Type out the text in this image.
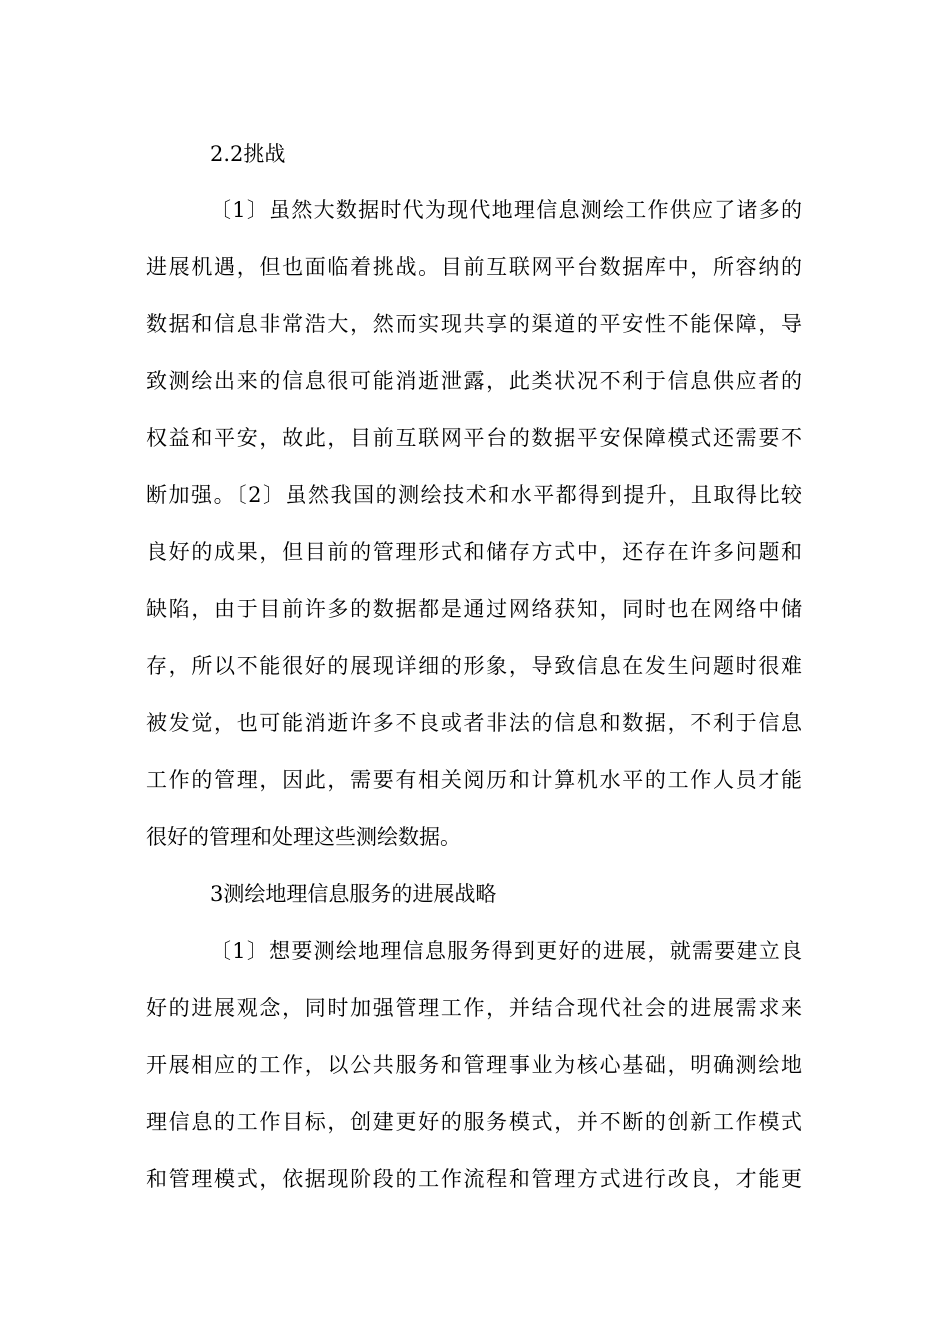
2.2挑战
〔1〕虽然大数据时代为现代地理信息测绘工作供应了诸多的
进展机遇，但也面临着挑战。目前互联网平台数据库中，所容纳的
数据和信息非常浩大，然而实现共享的渠道的平安性不能保障，导
致测绘出来的信息很可能消逝泄露，此类状况不利于信息供应者的
权益和平安，故此，目前互联网平台的数据平安保障模式还需要不
断加强。〔2〕虽然我国的测绘技术和水平都得到提升，且取得比较
良好的成果，但目前的管理形式和储存方式中，还存在许多问题和
缺陷，由于目前许多的数据都是通过网络获知，同时也在网络中储
存，所以不能很好的展现详细的形象，导致信息在发生问题时很难
被发觉，也可能消逝许多不良或者非法的信息和数据，不利于信息
工作的管理，因此，需要有相关阅历和计算机水平的工作人员才能
很好的管理和处理这些测绘数据。
3测绘地理信息服务的进展战略
〔1〕想要测绘地理信息服务得到更好的进展，就需要建立良
好的进展观念，同时加强管理工作，并结合现代社会的进展需求来
开展相应的工作，以公共服务和管理事业为核心基础，明确测绘地
理信息的工作目标，创建更好的服务模式，并不断的创新工作模式
和管理模式，依据现阶段的工作流程和管理方式进行改良，才能更
